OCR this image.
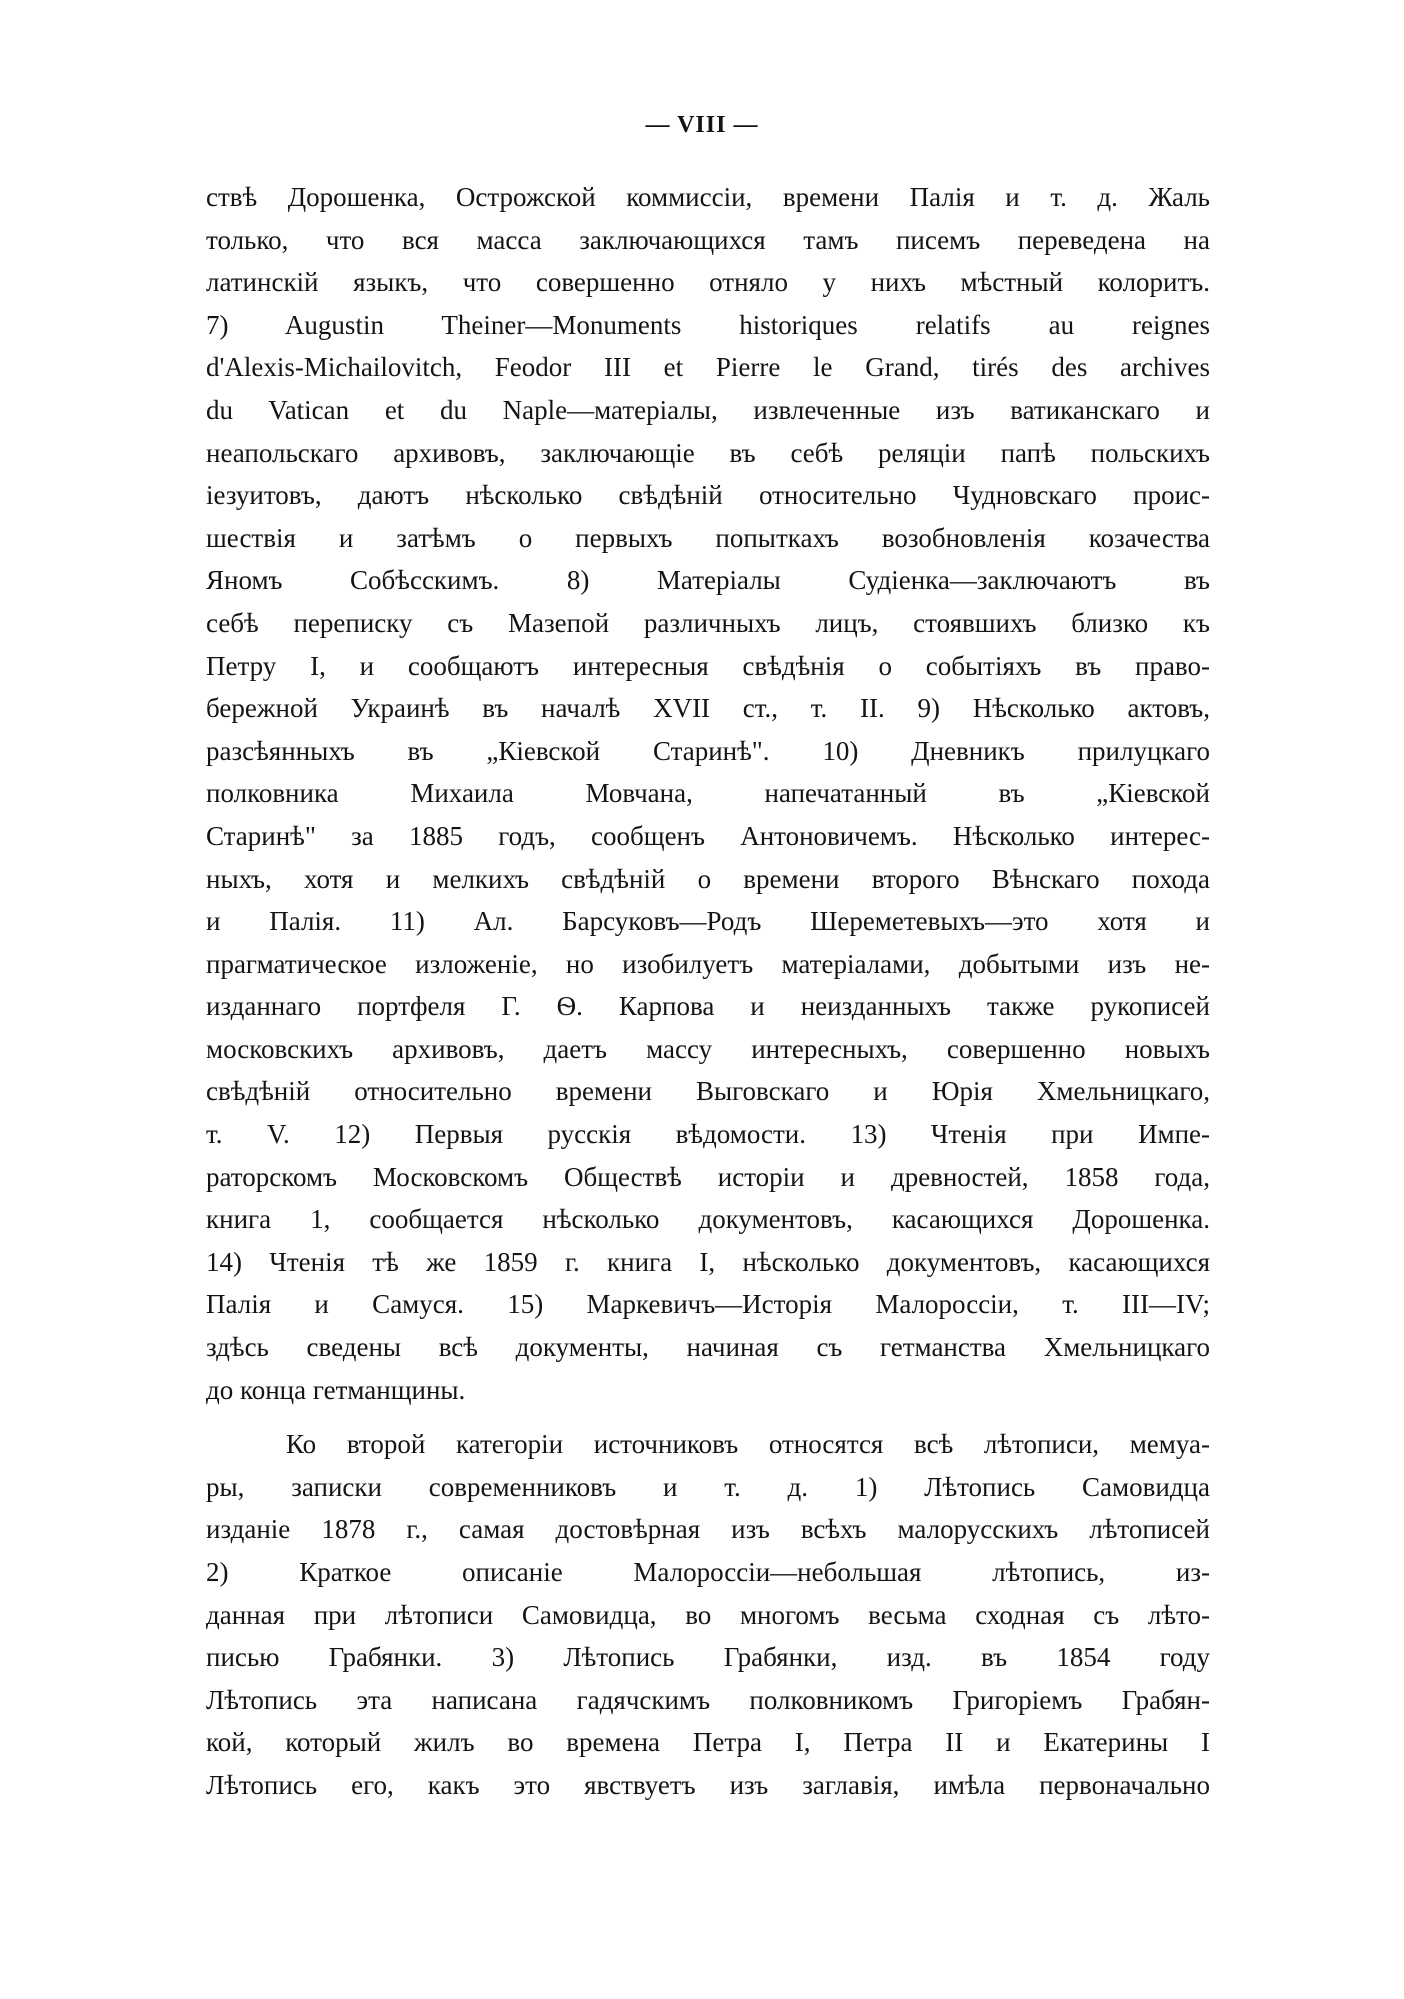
— VIII —
ствѣ Дорошенка, Острожской коммиссіи, времени Палія и т. д. Жаль
только, что вся масса заключающихся тамъ писемъ переведена на
латинскій языкъ, что совершенно отняло у нихъ мѣстный колоритъ.
7) Augustin Theiner—Monuments historiques relatifs au reignes
d'Alexis-Michailovitch, Feodor III et Pierre le Grand, tirés des archives
du Vatican et du Naple—матеріалы, извлеченные изъ ватиканскаго и
неапольскаго архивовъ, заключающіе въ себѣ реляціи папѣ польскихъ
іезуитовъ, даютъ нѣсколько свѣдѣній относительно Чудновскаго проис-
шествія и затѣмъ о первыхъ попыткахъ возобновленія козачества
Яномъ Собѣсскимъ. 8) Матеріалы Судіенка—заключаютъ въ
себѣ переписку съ Мазепой различныхъ лицъ, стоявшихъ близко къ
Петру I, и сообщаютъ интересныя свѣдѣнія о событіяхъ въ право-
бережной Украинѣ въ началѣ XVII ст., т. II. 9) Нѣсколько актовъ,
разсѣянныхъ въ „Кіевской Старинѣ". 10) Дневникъ прилуцкаго
полковника Михаила Мовчана, напечатанный въ „Кіевской
Старинѣ" за 1885 годъ, сообщенъ Антоновичемъ. Нѣсколько интерес-
ныхъ, хотя и мелкихъ свѣдѣній о времени второго Вѣнскаго похода
и Палія. 11) Ал. Барсуковъ—Родъ Шереметевыхъ—это хотя и
прагматическое изложеніе, но изобилуетъ матеріалами, добытыми изъ не-
изданнаго портфеля Г. Ѳ. Карпова и неизданныхъ также рукописей
московскихъ архивовъ, даетъ массу интересныхъ, совершенно новыхъ
свѣдѣній относительно времени Выговскаго и Юрія Хмельницкаго,
т. V. 12) Первыя русскія вѣдомости. 13) Чтенія при Импе-
раторскомъ Московскомъ Обществѣ исторіи и древностей, 1858 года,
книга 1, сообщается нѣсколько документовъ, касающихся Дорошенка.
14) Чтенія тѣ же 1859 г. книга I, нѣсколько документовъ, касающихся
Палія и Самуся. 15) Маркевичъ—Исторія Малороссіи, т. III—IV;
здѣсь сведены всѣ документы, начиная съ гетманства Хмельницкаго
до конца гетманщины.
Ко второй категоріи источниковъ относятся всѣ лѣтописи, мемуа-
ры, записки современниковъ и т. д. 1) Лѣтопись Самовидца
изданіе 1878 г., самая достовѣрная изъ всѣхъ малорусскихъ лѣтописей
2) Краткое описаніе Малороссіи—небольшая лѣтопись, из-
данная при лѣтописи Самовидца, во многомъ весьма сходная съ лѣто-
писью Грабянки. 3) Лѣтопись Грабянки, изд. въ 1854 году
Лѣтопись эта написана гадячскимъ полковникомъ Григоріемъ Грабян-
кой, который жилъ во времена Петра I, Петра II и Екатерины I
Лѣтопись его, какъ это явствуетъ изъ заглавія, имѣла первоначально
